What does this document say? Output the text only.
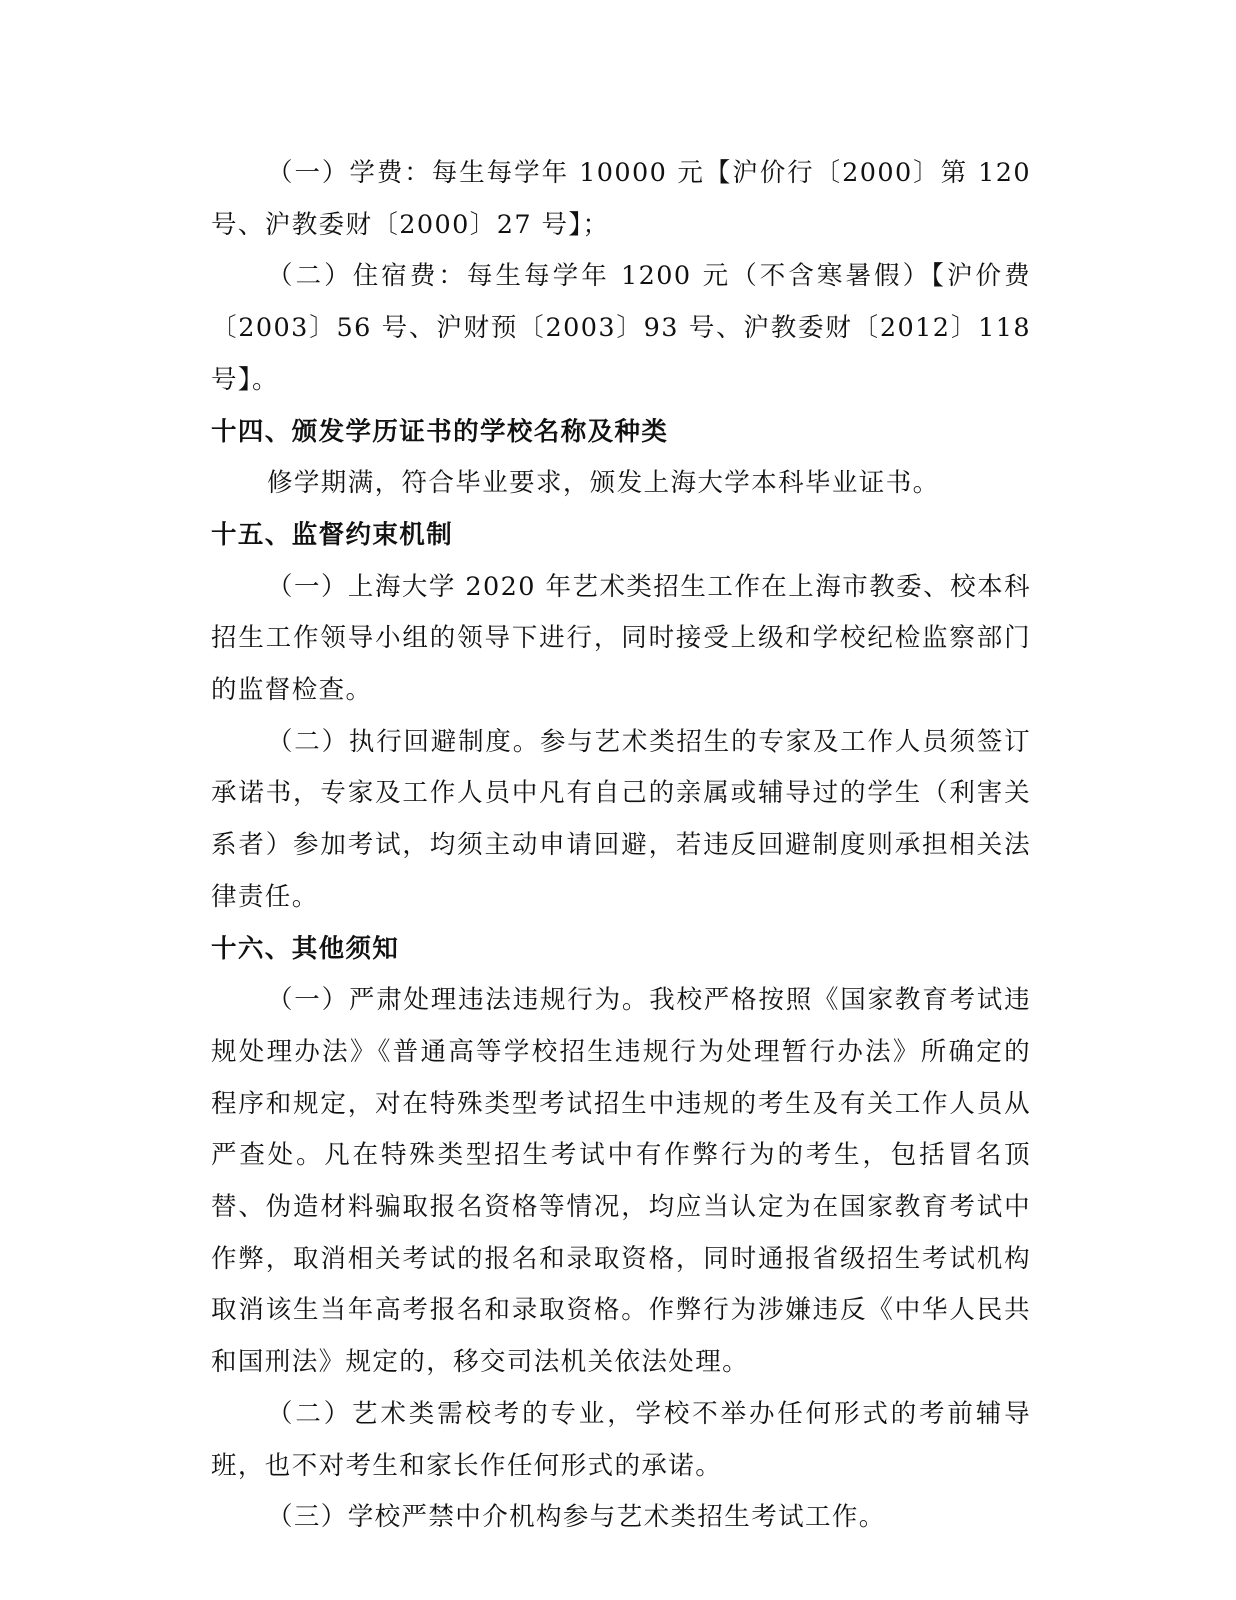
（一）学费：每生每学年 10000 元【沪价行〔2000〕第 120 号、沪教委财〔2000〕27 号】；

（二）住宿费：每生每学年 1200 元（不含寒暑假）【沪价费〔2003〕56 号、沪财预〔2003〕93 号、沪教委财〔2012〕118 号】。

十四、颁发学历证书的学校名称及种类

修学期满，符合毕业要求，颁发上海大学本科毕业证书。

十五、监督约束机制

（一）上海大学 2020 年艺术类招生工作在上海市教委、校本科招生工作领导小组的领导下进行，同时接受上级和学校纪检监察部门的监督检查。

（二）执行回避制度。参与艺术类招生的专家及工作人员须签订承诺书，专家及工作人员中凡有自己的亲属或辅导过的学生（利害关系者）参加考试，均须主动申请回避，若违反回避制度则承担相关法律责任。

十六、其他须知

（一）严肃处理违法违规行为。我校严格按照《国家教育考试违规处理办法》《普通高等学校招生违规行为处理暂行办法》所确定的程序和规定，对在特殊类型考试招生中违规的考生及有关工作人员从严查处。凡在特殊类型招生考试中有作弊行为的考生，包括冒名顶替、伪造材料骗取报名资格等情况，均应当认定为在国家教育考试中作弊，取消相关考试的报名和录取资格，同时通报省级招生考试机构取消该生当年高考报名和录取资格。作弊行为涉嫌违反《中华人民共和国刑法》规定的，移交司法机关依法处理。

（二）艺术类需校考的专业，学校不举办任何形式的考前辅导班，也不对考生和家长作任何形式的承诺。

（三）学校严禁中介机构参与艺术类招生考试工作。
